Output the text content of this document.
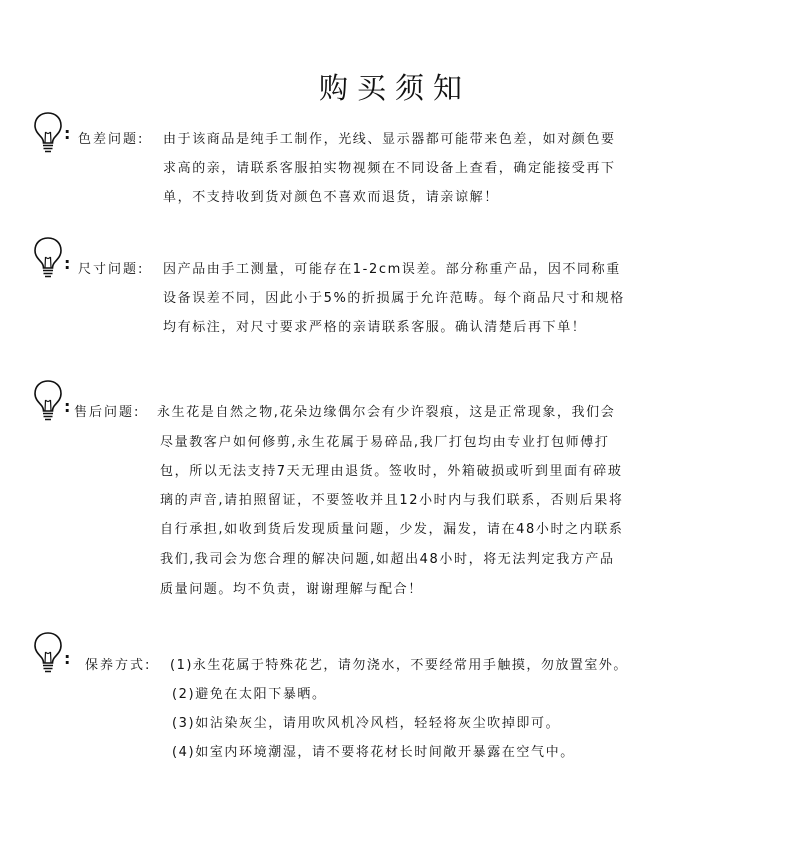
购买须知
: 色差问题: 由于该商品是纯手工制作，光线、显示器都可能带来色差，如对颜色要
求高的亲，请联系客服拍实物视频在不同设备上查看，确定能接受再下
单，不支持收到货对颜色不喜欢而退货，请亲谅解！
: 尺寸问题: 因产品由手工测量，可能存在1-2cm误差。部分称重产品，因不同称重
设备误差不同，因此小于5%的折损属于允许范畴。每个商品尺寸和规格
均有标注，对尺寸要求严格的亲请联系客服。确认清楚后再下单！
: 售后问题: 永生花是自然之物,花朵边缘偶尔会有少许裂痕，这是正常现象，我们会
尽量教客户如何修剪,永生花属于易碎品,我厂打包均由专业打包师傅打
包，所以无法支持7天无理由退货。签收时，外箱破损或听到里面有碎玻
璃的声音,请拍照留证，不要签收并且12小时内与我们联系，否则后果将
自行承担,如收到货后发现质量问题，少发，漏发，请在48小时之内联系
我们,我司会为您合理的解决问题,如超出48小时，将无法判定我方产品
质量问题。均不负责，谢谢理解与配合！
: 保养方式: (1)永生花属于特殊花艺，请勿浇水，不要经常用手触摸，勿放置室外。
(2)避免在太阳下暴晒。
(3)如沾染灰尘，请用吹风机冷风档，轻轻将灰尘吹掉即可。
(4)如室内环境潮湿，请不要将花材长时间敞开暴露在空气中。
